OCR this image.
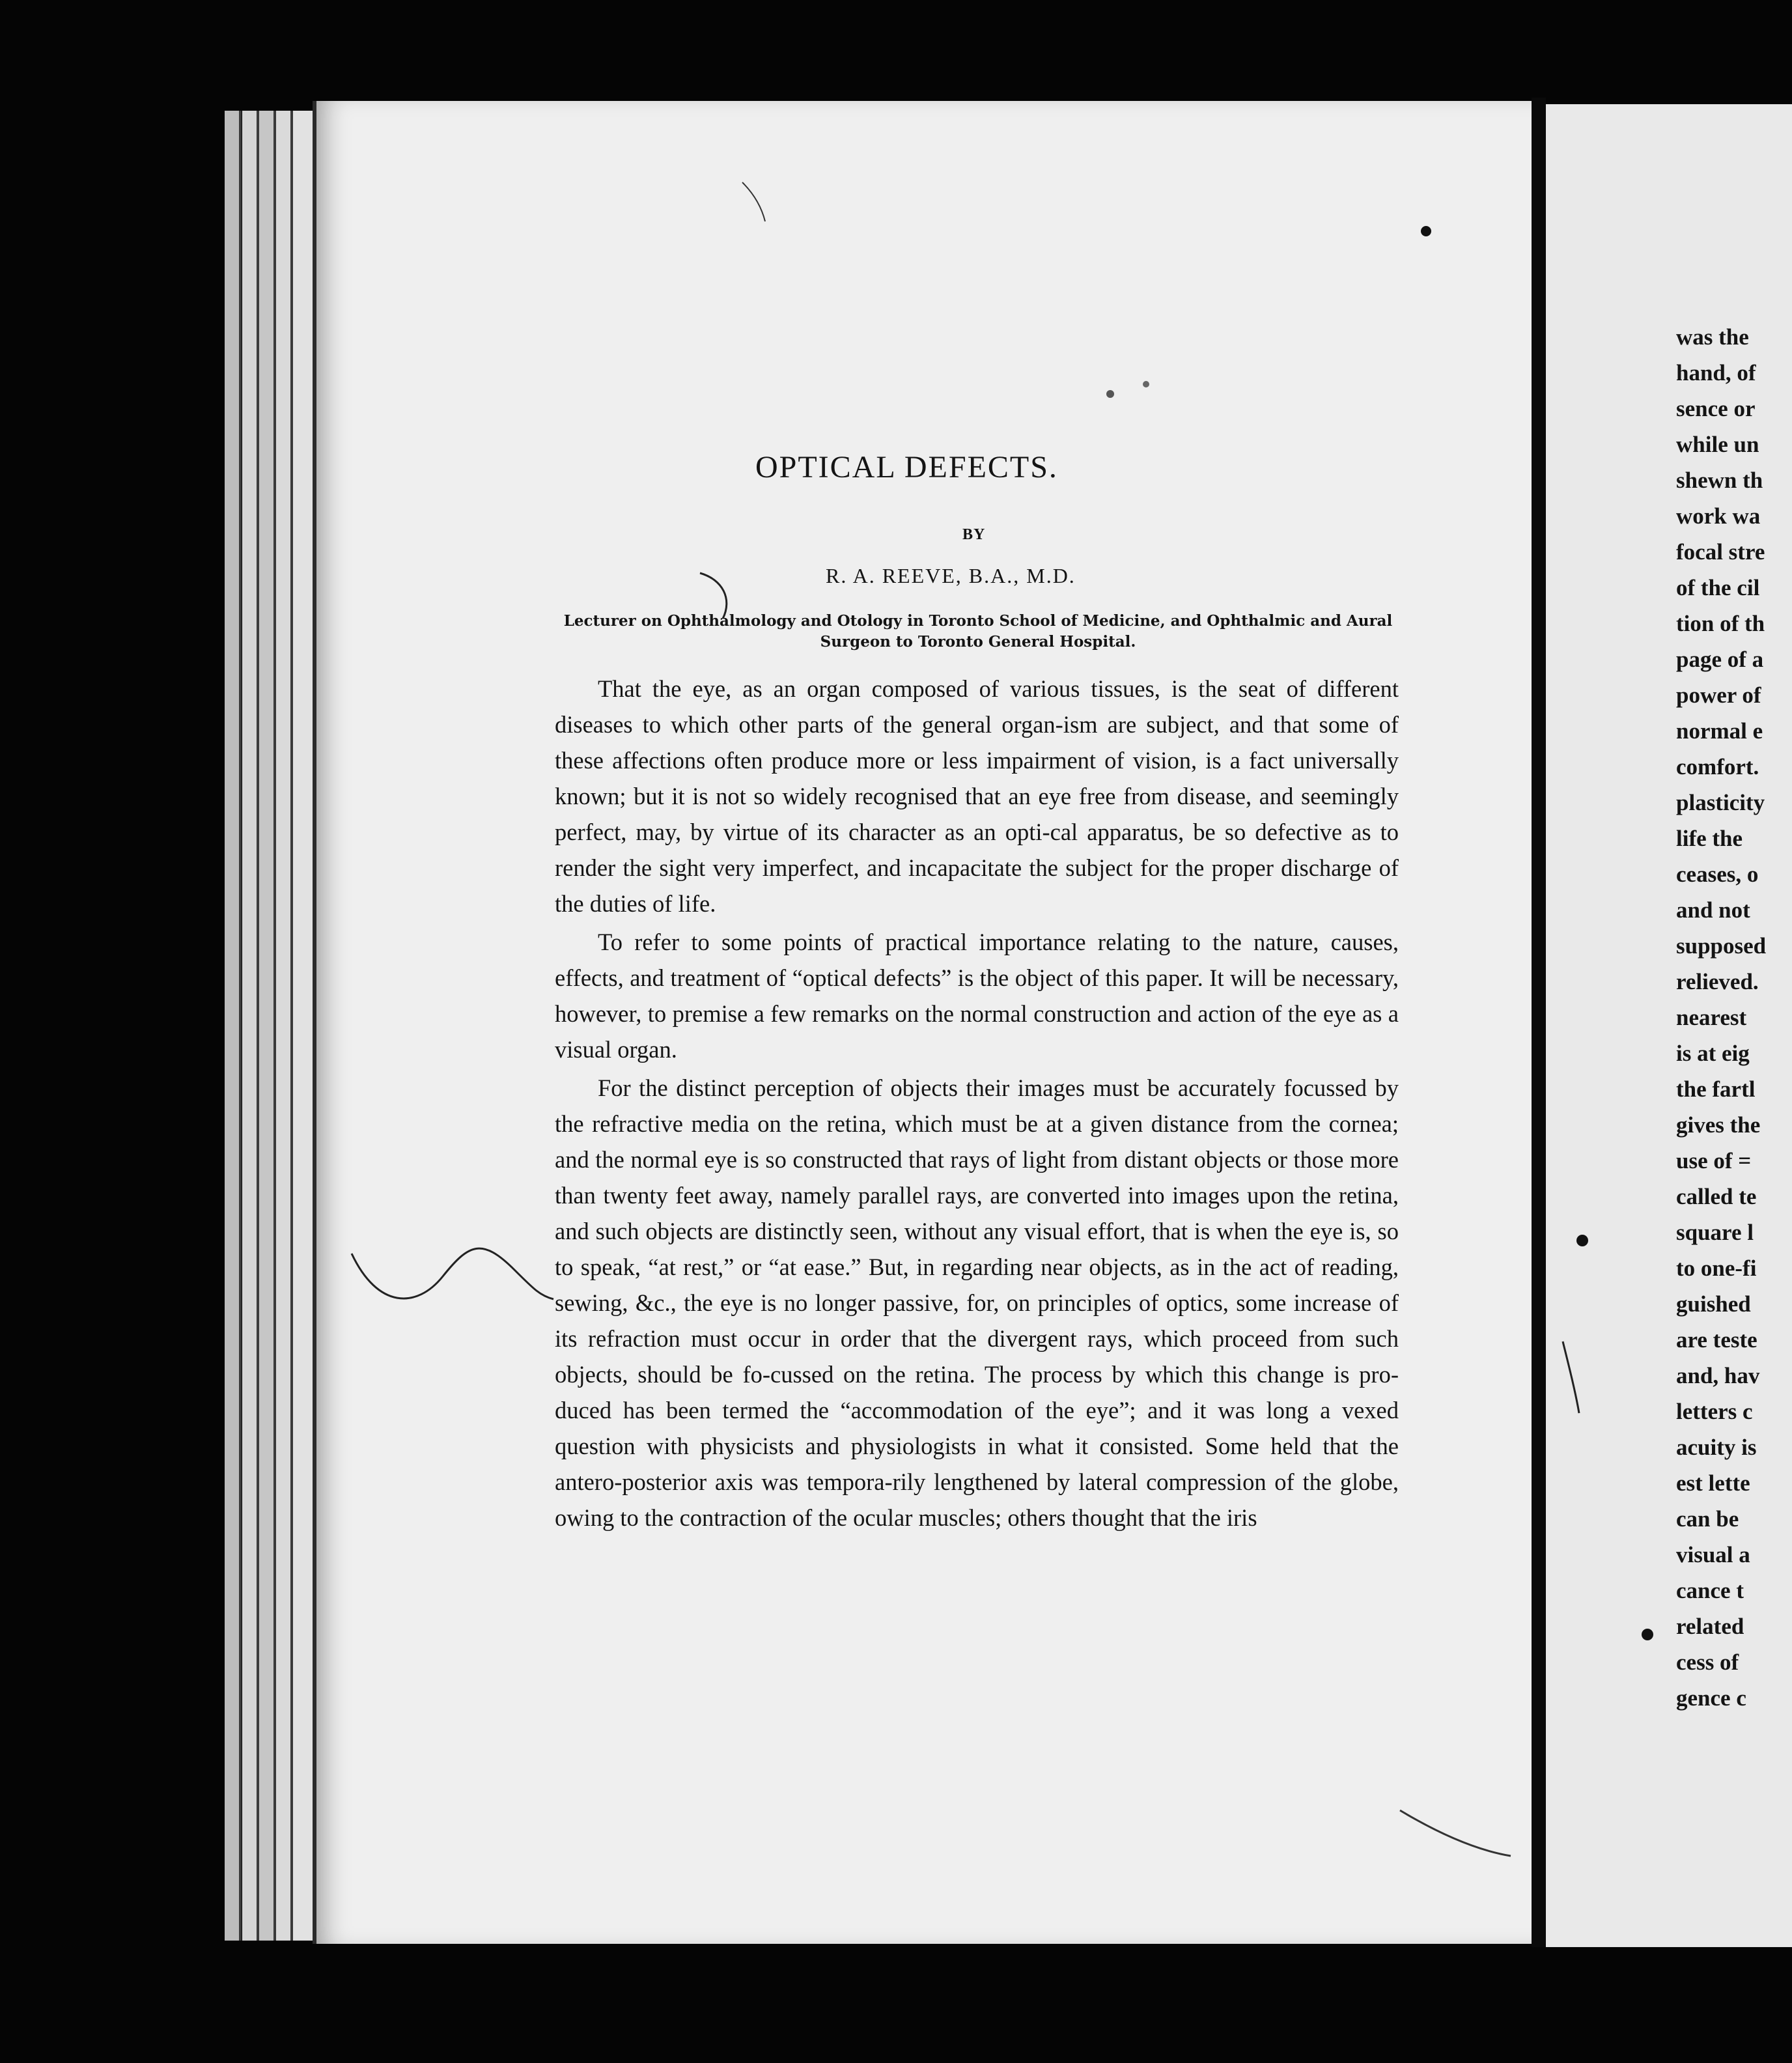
OPTICAL DEFECTS.
BY
R. A. REEVE, B.A., M.D.
Lecturer on Ophthalmology and Otology in Toronto School of Medicine, and Ophthalmic and Aural Surgeon to Toronto General Hospital.

That the eye, as an organ composed of various tissues, is the seat of different diseases to which other parts of the general organ-ism are subject, and that some of these affections often produce more or less impairment of vision, is a fact universally known; but it is not so widely recognised that an eye free from disease, and seemingly perfect, may, by virtue of its character as an opti-cal apparatus, be so defective as to render the sight very imperfect, and incapacitate the subject for the proper discharge of the duties of life.

To refer to some points of practical importance relating to the nature, causes, effects, and treatment of “optical defects” is the object of this paper. It will be necessary, however, to premise a few remarks on the normal construction and action of the eye as a visual organ.

For the distinct perception of objects their images must be accurately focussed by the refractive media on the retina, which must be at a given distance from the cornea; and the normal eye is so constructed that rays of light from distant objects or those more than twenty feet away, namely parallel rays, are converted into images upon the retina, and such objects are distinctly seen, without any visual effort, that is when the eye is, so to speak, “at rest,” or “at ease.” But, in regarding near objects, as in the act of reading, sewing, &c., the eye is no longer passive, for, on principles of optics, some increase of its refraction must occur in order that the divergent rays, which proceed from such objects, should be fo-cussed on the retina. The process by which this change is pro-duced has been termed the “accommodation of the eye”; and it was long a vexed question with physicists and physiologists in what it consisted. Some held that the antero-posterior axis was tempora-rily lengthened by lateral compression of the globe, owing to the contraction of the ocular muscles; others thought that the iris

was the
hand, of
sence or
while un
shewn th
work wa
focal stre
of the cil
tion of th
page of a
power of
normal e
comfort.
plasticity
life the
ceases, o
and not
supposed
relieved.
nearest
is at eig
the fartl
gives the
use of =
called te
square l
to one-fi
guished
are teste
and, hav
letters c
acuity is
est lette
can be
visual a
cance t
related
cess of
gence c
